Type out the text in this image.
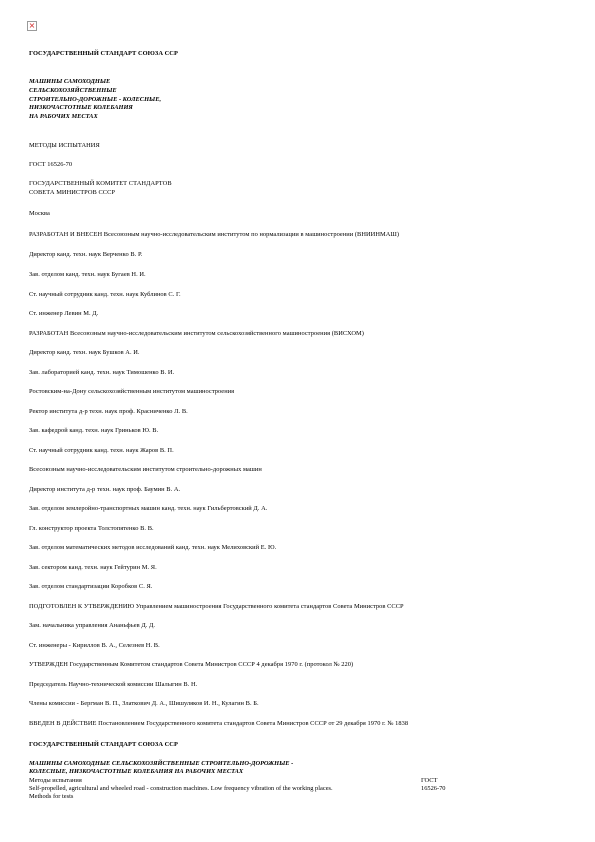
×
ГОСУДАРСТВЕННЫЙ СТАНДАРТ СОЮЗА ССР
МАШИНЫ САМОХОДНЫЕ
СЕЛЬСКОХОЗЯЙСТВЕННЫЕ
СТРОИТЕЛЬНО-ДОРОЖНЫЕ - КОЛЕСНЫЕ,
НИЗКОЧАСТОТНЫЕ КОЛЕБАНИЯ
НА РАБОЧИХ МЕСТАХ
МЕТОДЫ ИСПЫТАНИЯ
ГОСТ 16526-70
ГОСУДАРСТВЕННЫЙ КОМИТЕТ СТАНДАРТОВ
СОВЕТА МИНИСТРОВ СССР
Москва
РАЗРАБОТАН И ВНЕСЕН Всесоюзным научно-исследовательским институтом по нормализации в машиностроении (ВНИИНМАШ)
Директор канд. техн. наук Верченко В. Р.
Зав. отделом канд. техн. наук Бугаев Н. И.
Ст. научный сотрудник канд. техн. наук Кублинов С. Г.
Ст. инженер Левин М. Д.
РАЗРАБОТАН Всесоюзным научно-исследовательским институтом сельскохозяйственного машиностроения (ВИСХОМ)
Директор канд. техн. наук Бушков А. И.
Зав. лабораторией канд. техн. наук Тимошенко В. И.
Ростовским-на-Дону сельскохозяйственным институтом машиностроения
Ректор института д-р техн. наук проф. Красниченко Л. В.
Зав. кафедрой канд. техн. наук Гриньков Ю. В.
Ст. научный сотрудник канд. техн. наук Жаров В. П.
Всесоюзным научно-исследовательским институтом строительно-дорожных машин
Директор института д-р техн. наук проф. Баумин В. А.
Зав. отделом землеройно-транспортных машин канд. техн. наук Гильбертовский Д. А.
Гл. конструктор проекта Толстопятенко В. В.
Зав. отделом математических методов исследований канд. техн. наук Мелиховский Е. Ю.
Зав. сектором канд. техн. наук Гейтурин М. Я.
Зав. отделом стандартизации Коробков С. Я.
ПОДГОТОВЛЕН К УТВЕРЖДЕНИЮ Управлением машиностроения Государственного комитета стандартов Совета Министров СССР
Зам. начальника управления Ананьфьев Д. Д.
Ст. инженеры - Кириллов В. А., Селезнев Н. В.
УТВЕРЖДЕН Государственным Комитетом стандартов Совета Министров СССР 4 декабря 1970 г. (протокол № 220)
Председатель Научно-технической комиссии Шалыгин В. Н.
Члены комиссии - Бергман В. П., Златкович Д. А., Шишуляков И. Н., Кулагин В. Б.
ВВЕДЕН В ДЕЙСТВИЕ Постановлением Государственного комитета стандартов Совета Министров СССР от 29 декабря 1970 г. № 1838
ГОСУДАРСТВЕННЫЙ СТАНДАРТ СОЮЗА ССР
МАШИНЫ САМОХОДНЫЕ СЕЛЬСКОХОЗЯЙСТВЕННЫЕ СТРОИТЕЛЬНО-ДОРОЖНЫЕ -
КОЛЕСНЫЕ, НИЗКОЧАСТОТНЫЕ КОЛЕБАНИЯ НА РАБОЧИХ МЕСТАХ
Методы испытания	ГОСТ
Self-propelled, agricultural and wheeled road - construction machines. Low frequency vibration of the working places.	16526-70
Methods for tests
